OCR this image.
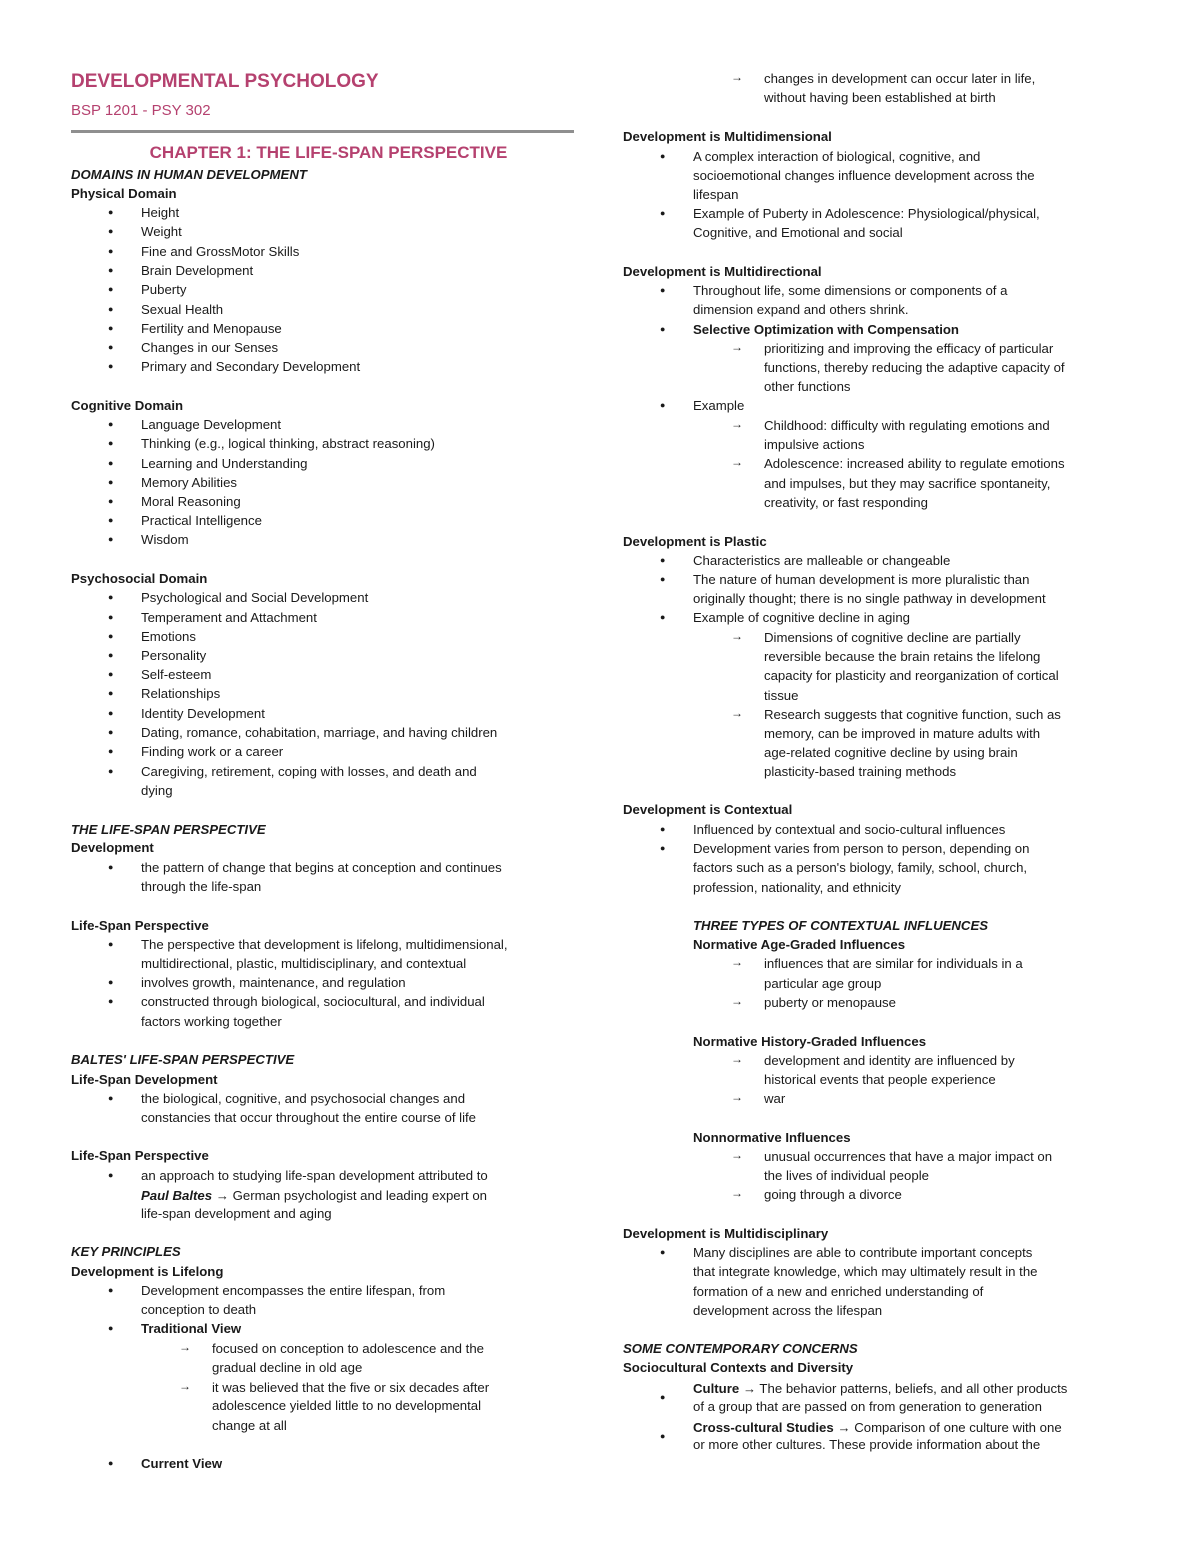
DEVELOPMENTAL PSYCHOLOGY
BSP 1201 - PSY 302
CHAPTER 1: THE LIFE-SPAN PERSPECTIVE
DOMAINS IN HUMAN DEVELOPMENT
Physical Domain
● Height
● Weight
● Fine and GrossMotor Skills
● Brain Development
● Puberty
● Sexual Health
● Fertility and Menopause
● Changes in our Senses
● Primary and Secondary Development
Cognitive Domain
● Language Development
● Thinking (e.g., logical thinking, abstract reasoning)
● Learning and Understanding
● Memory Abilities
● Moral Reasoning
● Practical Intelligence
● Wisdom
Psychosocial Domain
● Psychological and Social Development
● Temperament and Attachment
● Emotions
● Personality
● Self-esteem
● Relationships
● Identity Development
● Dating, romance, cohabitation, marriage, and having children
● Finding work or a career
● Caregiving, retirement, coping with losses, and death and
dying
THE LIFE-SPAN PERSPECTIVE
Development
● the pattern of change that begins at conception and continues
through the life-span
Life-Span Perspective
● The perspective that development is lifelong, multidimensional,
multidirectional, plastic, multidisciplinary, and contextual
● involves growth, maintenance, and regulation
● constructed through biological, sociocultural, and individual
factors working together
BALTES' LIFE-SPAN PERSPECTIVE
Life-Span Development
● the biological, cognitive, and psychosocial changes and
constancies that occur throughout the entire course of life
Life-Span Perspective
● an approach to studying life-span development attributed to
life-span development and aging
KEY PRINCIPLES
Development is Lifelong
● Development encompasses the entire lifespan, from
conception to death
● Traditional View
→ focused on conception to adolescence and the
gradual decline in old age
→ it was believed that the five or six decades after
adolescence yielded little to no developmental
change at all
● Current View
→ changes in development can occur later in life,
without having been established at birth
Development is Multidimensional
● A complex interaction of biological, cognitive, and
socioemotional changes influence development across the
lifespan
● Example of Puberty in Adolescence: Physiological/physical,
Cognitive, and Emotional and social
Development is Multidirectional
● Throughout life, some dimensions or components of a
dimension expand and others shrink.
● Selective Optimization with Compensation
→ prioritizing and improving the efficacy of particular
functions, thereby reducing the adaptive capacity of
other functions
● Example
→ Childhood: difficulty with regulating emotions and
impulsive actions
→ Adolescence: increased ability to regulate emotions
and impulses, but they may sacrifice spontaneity,
creativity, or fast responding
Development is Plastic
● Characteristics are malleable or changeable
● The nature of human development is more pluralistic than
originally thought; there is no single pathway in development
● Example of cognitive decline in aging
→ Dimensions of cognitive decline are partially
reversible because the brain retains the lifelong
capacity for plasticity and reorganization of cortical
tissue
→ Research suggests that cognitive function, such as
memory, can be improved in mature adults with
age-related cognitive decline by using brain
plasticity-based training methods
Development is Contextual
● Influenced by contextual and socio-cultural influences
● Development varies from person to person, depending on
factors such as a person's biology, family, school, church,
profession, nationality, and ethnicity
THREE TYPES OF CONTEXTUAL INFLUENCES
Normative Age-Graded Influences
→ influences that are similar for individuals in a
particular age group
→ puberty or menopause
Normative History-Graded Influences
→ development and identity are influenced by
historical events that people experience
→ war
Nonnormative Influences
→ unusual occurrences that have a major impact on
the lives of individual people
→ going through a divorce
Development is Multidisciplinary
● Many disciplines are able to contribute important concepts
that integrate knowledge, which may ultimately result in the
formation of a new and enriched understanding of
development across the lifespan
SOME CONTEMPORARY CONCERNS
Sociocultural Contexts and Diversity
of a group that are passed on from generation to generation
or more other cultures. These provide information about the
Paul Baltes → German psychologist and leading expert on
●
Culture → The behavior patterns, beliefs, and all other products
●
Cross-cultural Studies → Comparison of one culture with one
